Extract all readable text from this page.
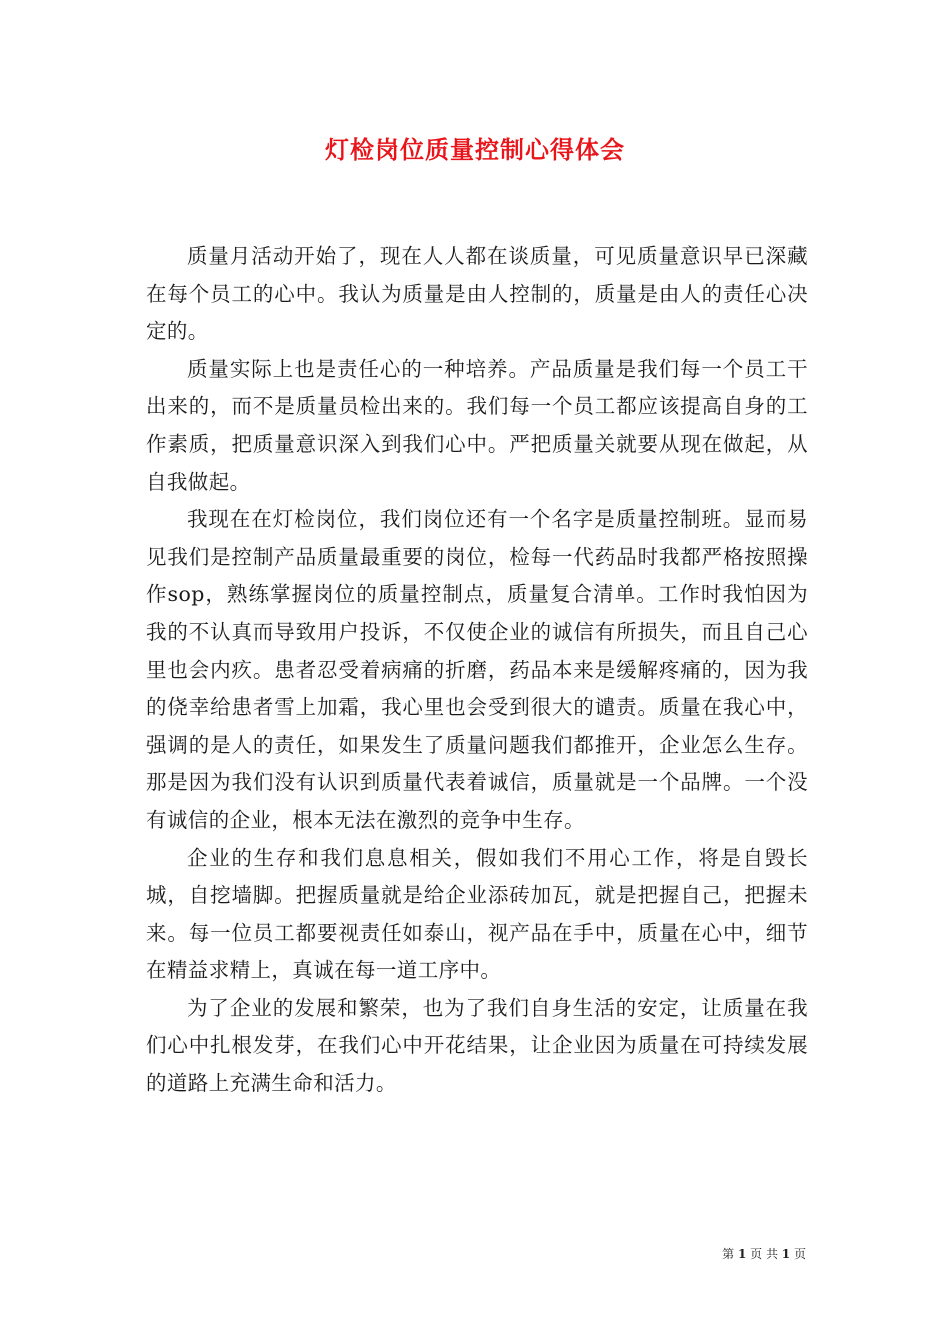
灯检岗位质量控制心得体会

质量月活动开始了，现在人人都在谈质量，可见质量意识早已深藏在每个员工的心中。我认为质量是由人控制的，质量是由人的责任心决定的。

质量实际上也是责任心的一种培养。产品质量是我们每一个员工干出来的，而不是质量员检出来的。我们每一个员工都应该提高自身的工作素质，把质量意识深入到我们心中。严把质量关就要从现在做起，从自我做起。

我现在在灯检岗位，我们岗位还有一个名字是质量控制班。显而易见我们是控制产品质量最重要的岗位，检每一代药品时我都严格按照操作sop，熟练掌握岗位的质量控制点，质量复合清单。工作时我怕因为我的不认真而导致用户投诉，不仅使企业的诚信有所损失，而且自己心里也会内疚。患者忍受着病痛的折磨，药品本来是缓解疼痛的，因为我的侥幸给患者雪上加霜，我心里也会受到很大的谴责。质量在我心中，强调的是人的责任，如果发生了质量问题我们都推开，企业怎么生存。那是因为我们没有认识到质量代表着诚信，质量就是一个品牌。一个没有诚信的企业，根本无法在激烈的竞争中生存。

企业的生存和我们息息相关，假如我们不用心工作，将是自毁长城，自挖墙脚。把握质量就是给企业添砖加瓦，就是把握自己，把握未来。每一位员工都要视责任如泰山，视产品在手中，质量在心中，细节在精益求精上，真诚在每一道工序中。

为了企业的发展和繁荣，也为了我们自身生活的安定，让质量在我们心中扎根发芽，在我们心中开花结果，让企业因为质量在可持续发展的道路上充满生命和活力。

第 1 页 共 1 页
